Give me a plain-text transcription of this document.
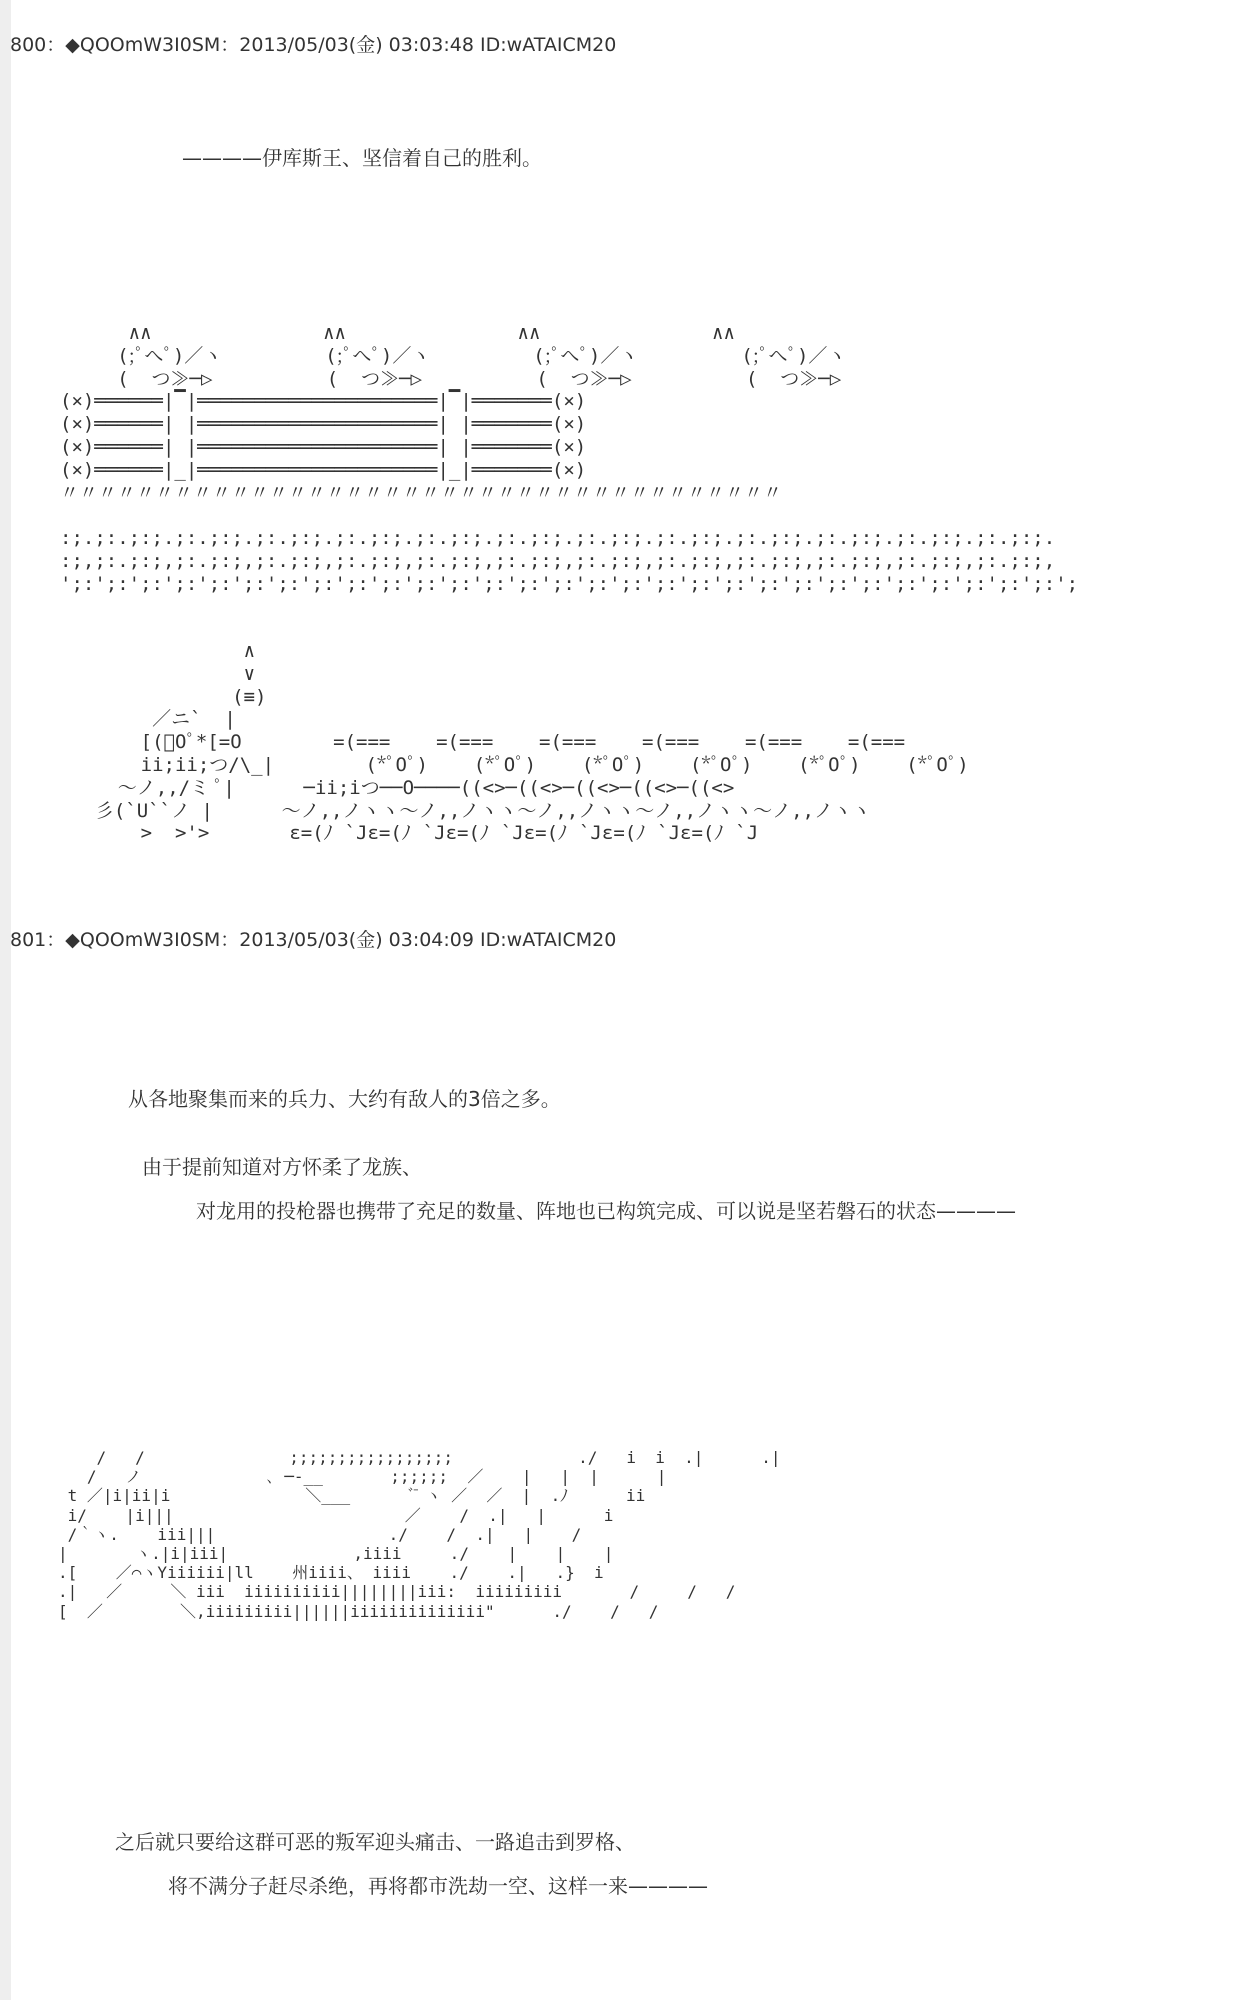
800：◆QOOmW3I0SM：2013/05/03(金) 03:03:48 ID:wATAICM20
————伊库斯王、坚信着自己的胜利。
∧∧               ∧∧               ∧∧               ∧∧
(;ﾟへﾟ)／ヽ         (;ﾟへﾟ)／ヽ         (;ﾟへﾟ)／ヽ         (;ﾟへﾟ)／ヽ
(  つ≫─▷          (  つ≫─▷          (  つ≫─▷          (  つ≫─▷
(×)══════|▔|═════════════════════|▔|═══════(×)
(×)══════| |═════════════════════| |═══════(×)
(×)══════| |═════════════════════| |═══════(×)
(×)══════|_|═════════════════════|_|═══════(×)
〃〃〃〃〃〃〃〃〃〃〃〃〃〃〃〃〃〃〃〃〃〃〃〃〃〃〃〃〃〃〃〃〃〃〃〃〃〃

:;.;:.;:;.;:.;:;.;:.;:;.;:.;:;.;:.;:;.;:.;:;.;:.;:;.;:.;:;.;:.;:;.;:.;:;.;:.;:;.;:.;:;.
:;,;:.;:;,;:.;:;,;:.;:;,;:.;:;,;:.;:;,;:.;:;,;:.;:;,;:.;:;,;:.;:;,;:.;:;,;:.;:;,;:.;:;,
';:';:';:';:';:';:';:';:';:';:';:';:';:';:';:';:';:';:';:';:';:';:';:';:';:';:';:';:';:';
∧
∨
(≡)
／ニ`  |
[(ﾟOﾟ*[=O        =(===    =(===    =(===    =(===    =(===    =(===
ii;ii;つ/\_|        (*ﾟOﾟ)    (*ﾟOﾟ)    (*ﾟOﾟ)    (*ﾟOﾟ)    (*ﾟOﾟ)    (*ﾟOﾟ)
～ノ,,/ミ ﾟ|      ─ii;iつ──O────((<>─((<>─((<>─((<>─((<>
彡(`U``ノ |      ～ノ,,ノヽヽ～ノ,,ノヽヽ～ノ,,ノヽヽ～ノ,,ノヽヽ～ノ,,ノヽヽ
>  >'>       ε=(ﾉ `Jε=(ﾉ `Jε=(ﾉ `Jε=(ﾉ `Jε=(ﾉ `Jε=(ﾉ `J
801：◆QOOmW3I0SM：2013/05/03(金) 03:04:09 ID:wATAICM20
从各地聚集而来的兵力、大约有敌人的3倍之多。
由于提前知道对方怀柔了龙族、
对龙用的投枪器也携带了充足的数量、阵地也已构筑完成、可以说是坚若磐石的状态————
/   /               ;;;;;;;;;;;;;;;;;             ./   i  i  .|      .|
/   ノ             ､ ─-__       ;;;;;;  ／    |   |  |      |
t ／|i|ii|i              ＼___      ﾞ̄ ヽ ／  ／  |  .ﾉ      ii
i/    |i|||                        ／    /  .|   |      i
/｀ヽ.    iii|||                  ./    /  .|   |    /
|       ヽ.|i|iii|             ,iiii     ./    |    |    |
.[    ／⌒ヽYiiiiii|ll    州iiii、 iiii    ./    .|   .}  i
.|   ／     ＼ iii  iiiiiiiiii||||||||iii:  iiiiiiiii       /     /   /
[  ／        ＼,iiiiiiiii||||||iiiiiiiiiiiiii"      ./    /   /
之后就只要给这群可恶的叛军迎头痛击、一路追击到罗格、
将不满分子赶尽杀绝，再将都市洗劫一空、这样一来————
